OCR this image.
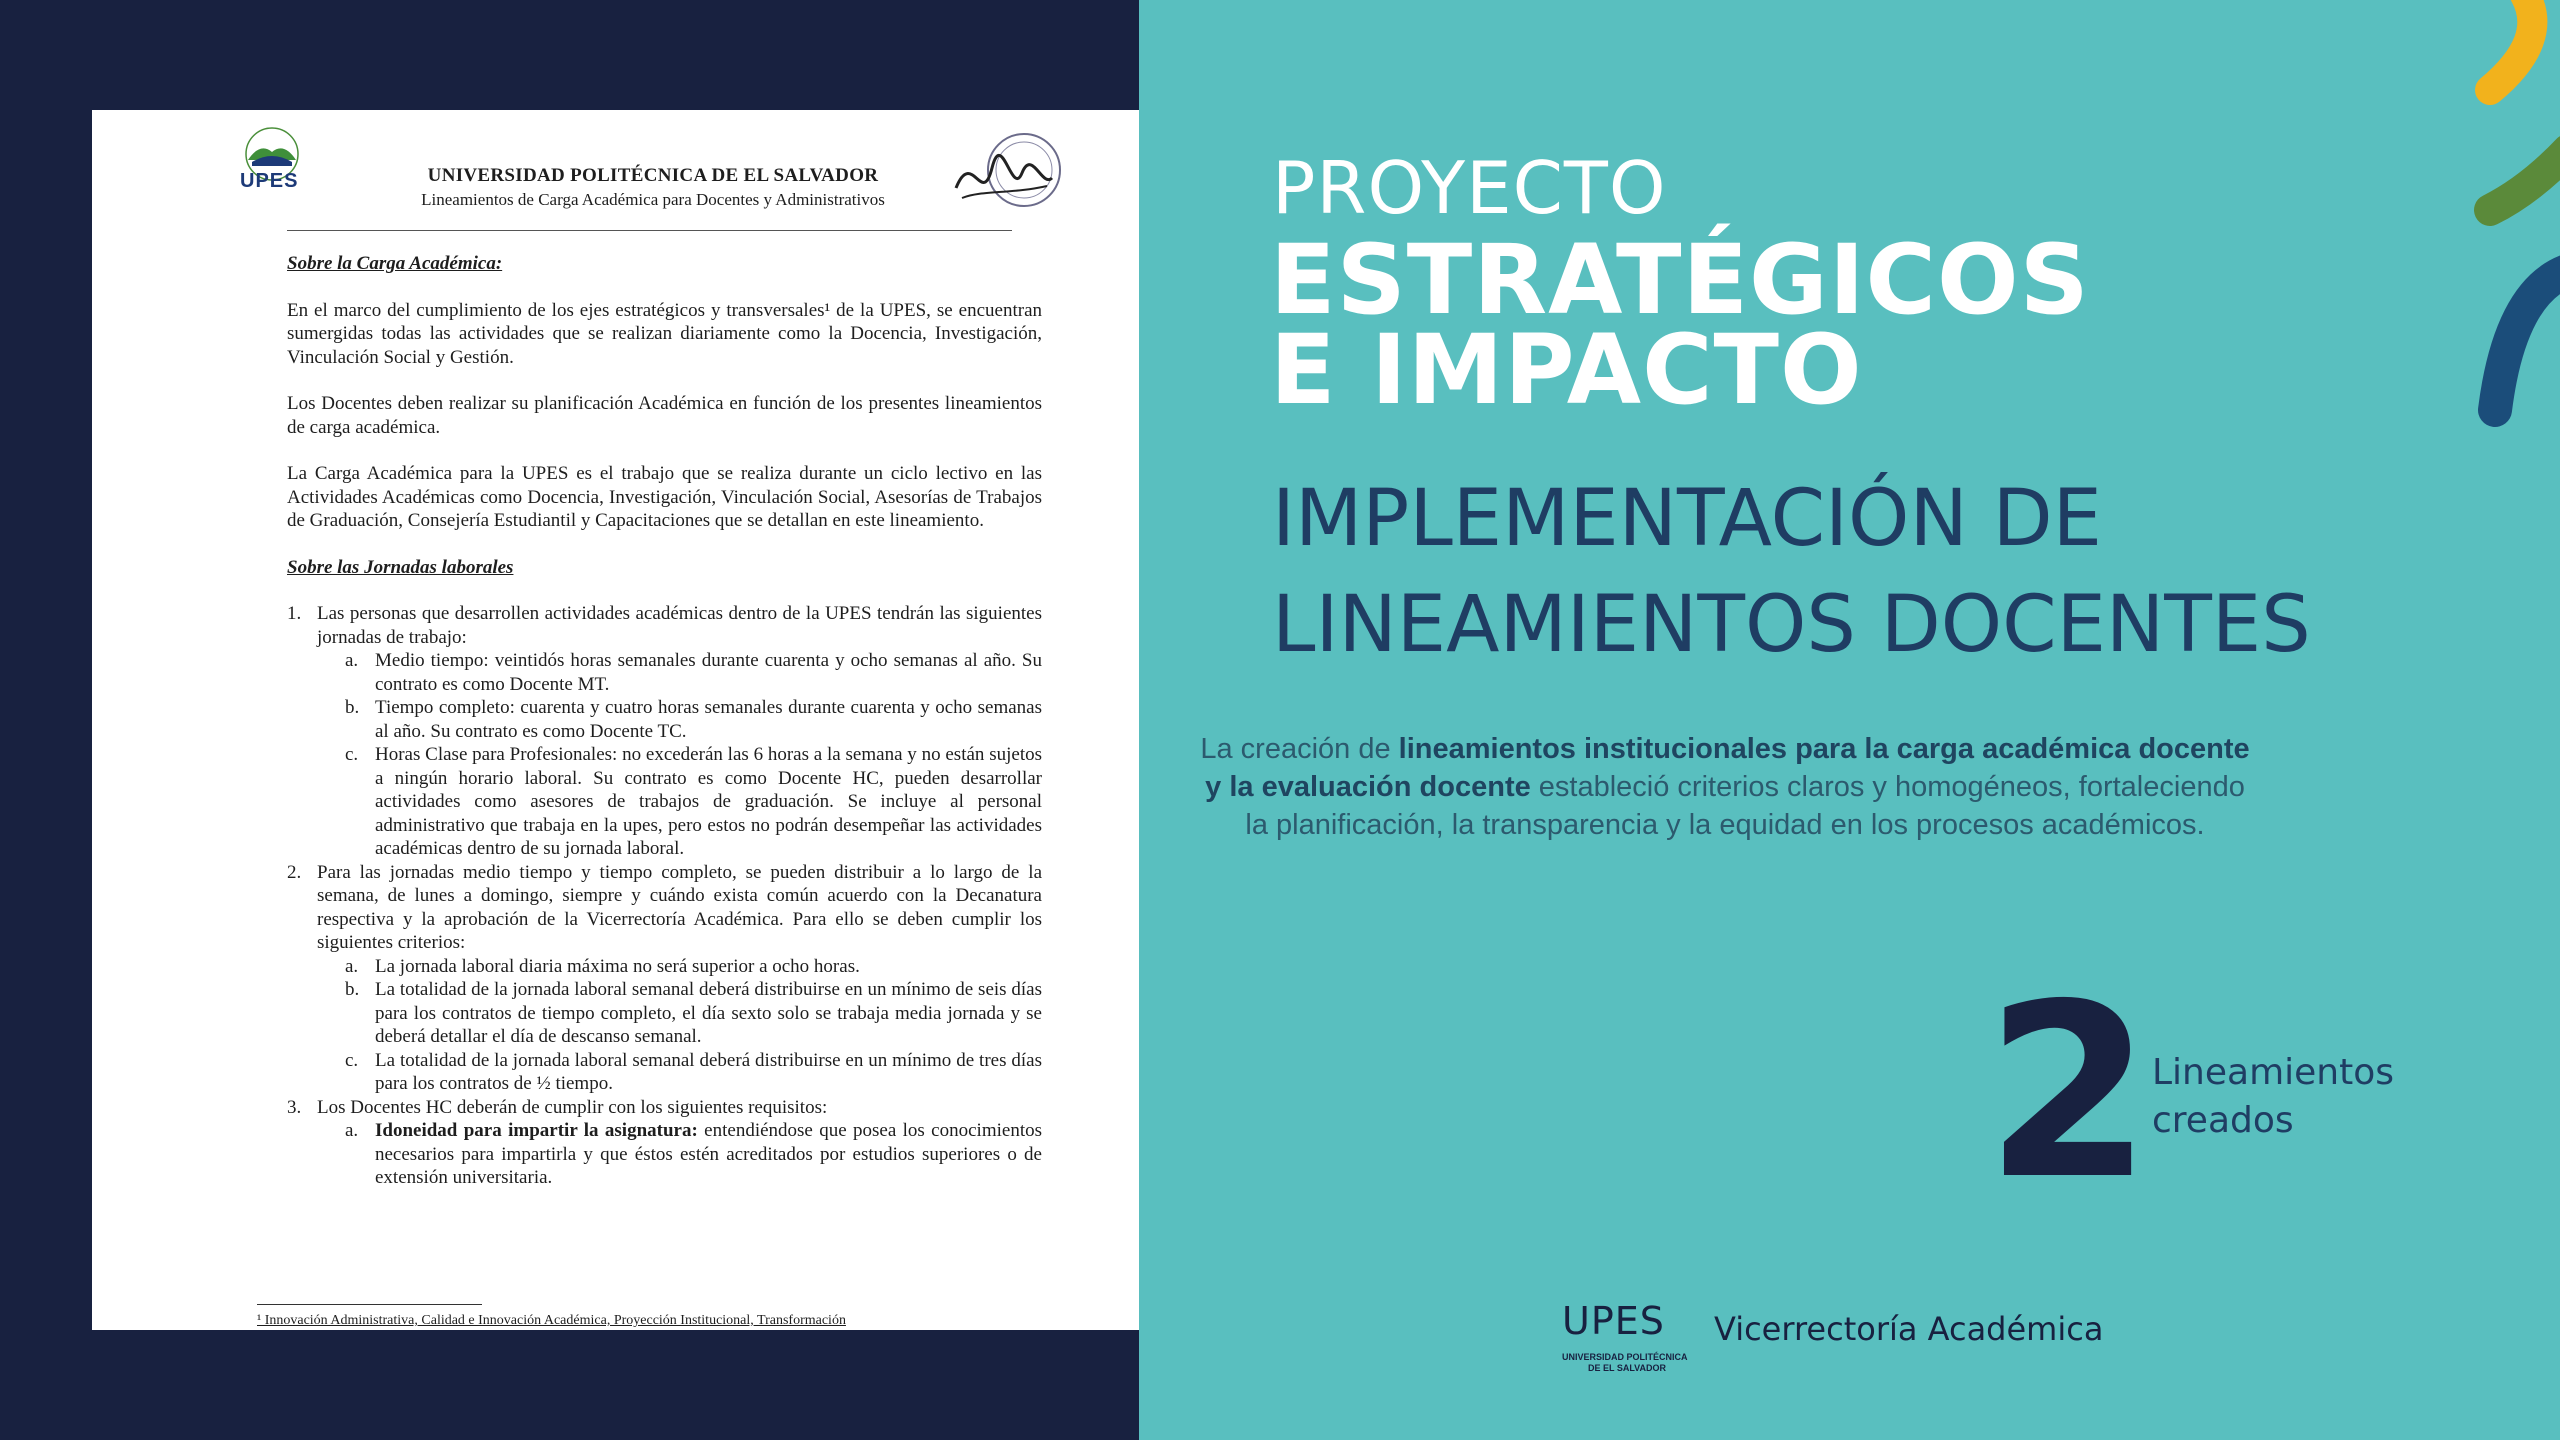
UPES	UNIVERSIDAD POLITÉCNICA DE EL SALVADOR
Lineamientos de Carga Académica para Docentes y Administrativos

Sobre la Carga Académica:

En el marco del cumplimiento de los ejes estratégicos y transversales¹ de la UPES, se encuentran sumergidas todas las actividades que se realizan diariamente como la Docencia, Investigación, Vinculación Social y Gestión.

Los Docentes deben realizar su planificación Académica en función de los presentes lineamientos de carga académica.

La Carga Académica para la UPES es el trabajo que se realiza durante un ciclo lectivo en las Actividades Académicas como Docencia, Investigación, Vinculación Social, Asesorías de Trabajos de Graduación, Consejería Estudiantil y Capacitaciones que se detallan en este lineamiento.

Sobre las Jornadas laborales

1. Las personas que desarrollen actividades académicas dentro de la UPES tendrán las siguientes jornadas de trabajo:
a. Medio tiempo: veintidós horas semanales durante cuarenta y ocho semanas al año. Su contrato es como Docente MT.
b. Tiempo completo: cuarenta y cuatro horas semanales durante cuarenta y ocho semanas al año. Su contrato es como Docente TC.
c. Horas Clase para Profesionales: no excederán las 6 horas a la semana y no están sujetos a ningún horario laboral. Su contrato es como Docente HC, pueden desarrollar actividades como asesores de trabajos de graduación. Se incluye al personal administrativo que trabaja en la upes, pero estos no podrán desempeñar las actividades académicas dentro de su jornada laboral.
2. Para las jornadas medio tiempo y tiempo completo, se pueden distribuir a lo largo de la semana, de lunes a domingo, siempre y cuándo exista común acuerdo con la Decanatura respectiva y la aprobación de la Vicerrectoría Académica. Para ello se deben cumplir los siguientes criterios:
a. La jornada laboral diaria máxima no será superior a ocho horas.
b. La totalidad de la jornada laboral semanal deberá distribuirse en un mínimo de seis días para los contratos de tiempo completo, el día sexto solo se trabaja media jornada y se deberá detallar el día de descanso semanal.
c. La totalidad de la jornada laboral semanal deberá distribuirse en un mínimo de tres días para los contratos de ½ tiempo.
3. Los Docentes HC deberán de cumplir con los siguientes requisitos:
a. Idoneidad para impartir la asignatura: entendiéndose que posea los conocimientos necesarios para impartirla y que éstos estén acreditados por estudios superiores o de extensión universitaria.
¹ Innovación Administrativa, Calidad e Innovación Académica, Proyección Institucional, Transformación
PROYECTO
ESTRATÉGICOS
E IMPACTO
IMPLEMENTACIÓN DE
LINEAMIENTOS DOCENTES
La creación de lineamientos institucionales para la carga académica docente y la evaluación docente estableció criterios claros y homogéneos, fortaleciendo la planificación, la transparencia y la equidad en los procesos académicos.
2 Lineamientos
creados
UPES
UNIVERSIDAD POLITÉCNICA
DE EL SALVADOR
Vicerrectoría Académica
